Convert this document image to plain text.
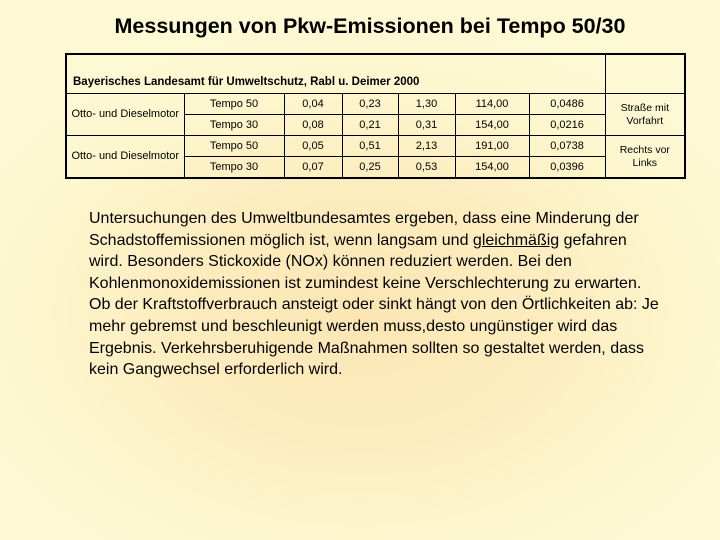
Messungen von Pkw-Emissionen bei Tempo 50/30
Bayerisches Landesamt für Umweltschutz, Rabl u. Deimer 2000							
Otto- und Dieselmotor	Tempo 50	0,04	0,23	1,30	114,00	0,0486	Straße mit Vorfahrt
	Tempo 30	0,08	0,21	0,31	154,00	0,0216	
Otto- und Dieselmotor	Tempo 50	0,05	0,51	2,13	191,00	0,0738	Rechts vor Links
	Tempo 30	0,07	0,25	0,53	154,00	0,0396	

Untersuchungen des Umweltbundesamtes ergeben, dass eine Minderung der Schadstoffemissionen möglich ist, wenn langsam und gleichmäßig gefahren wird. Besonders Stickoxide (NOx) können reduziert werden. Bei den Kohlenmonoxidemissionen ist zumindest keine Verschlechterung zu erwarten. Ob der Kraftstoffverbrauch ansteigt oder sinkt hängt von den Örtlichkeiten ab: Je mehr gebremst und beschleunigt werden muss,desto ungünstiger wird das Ergebnis. Verkehrsberuhigende Maßnahmen sollten so gestaltet werden, dass kein Gangwechsel erforderlich wird.
